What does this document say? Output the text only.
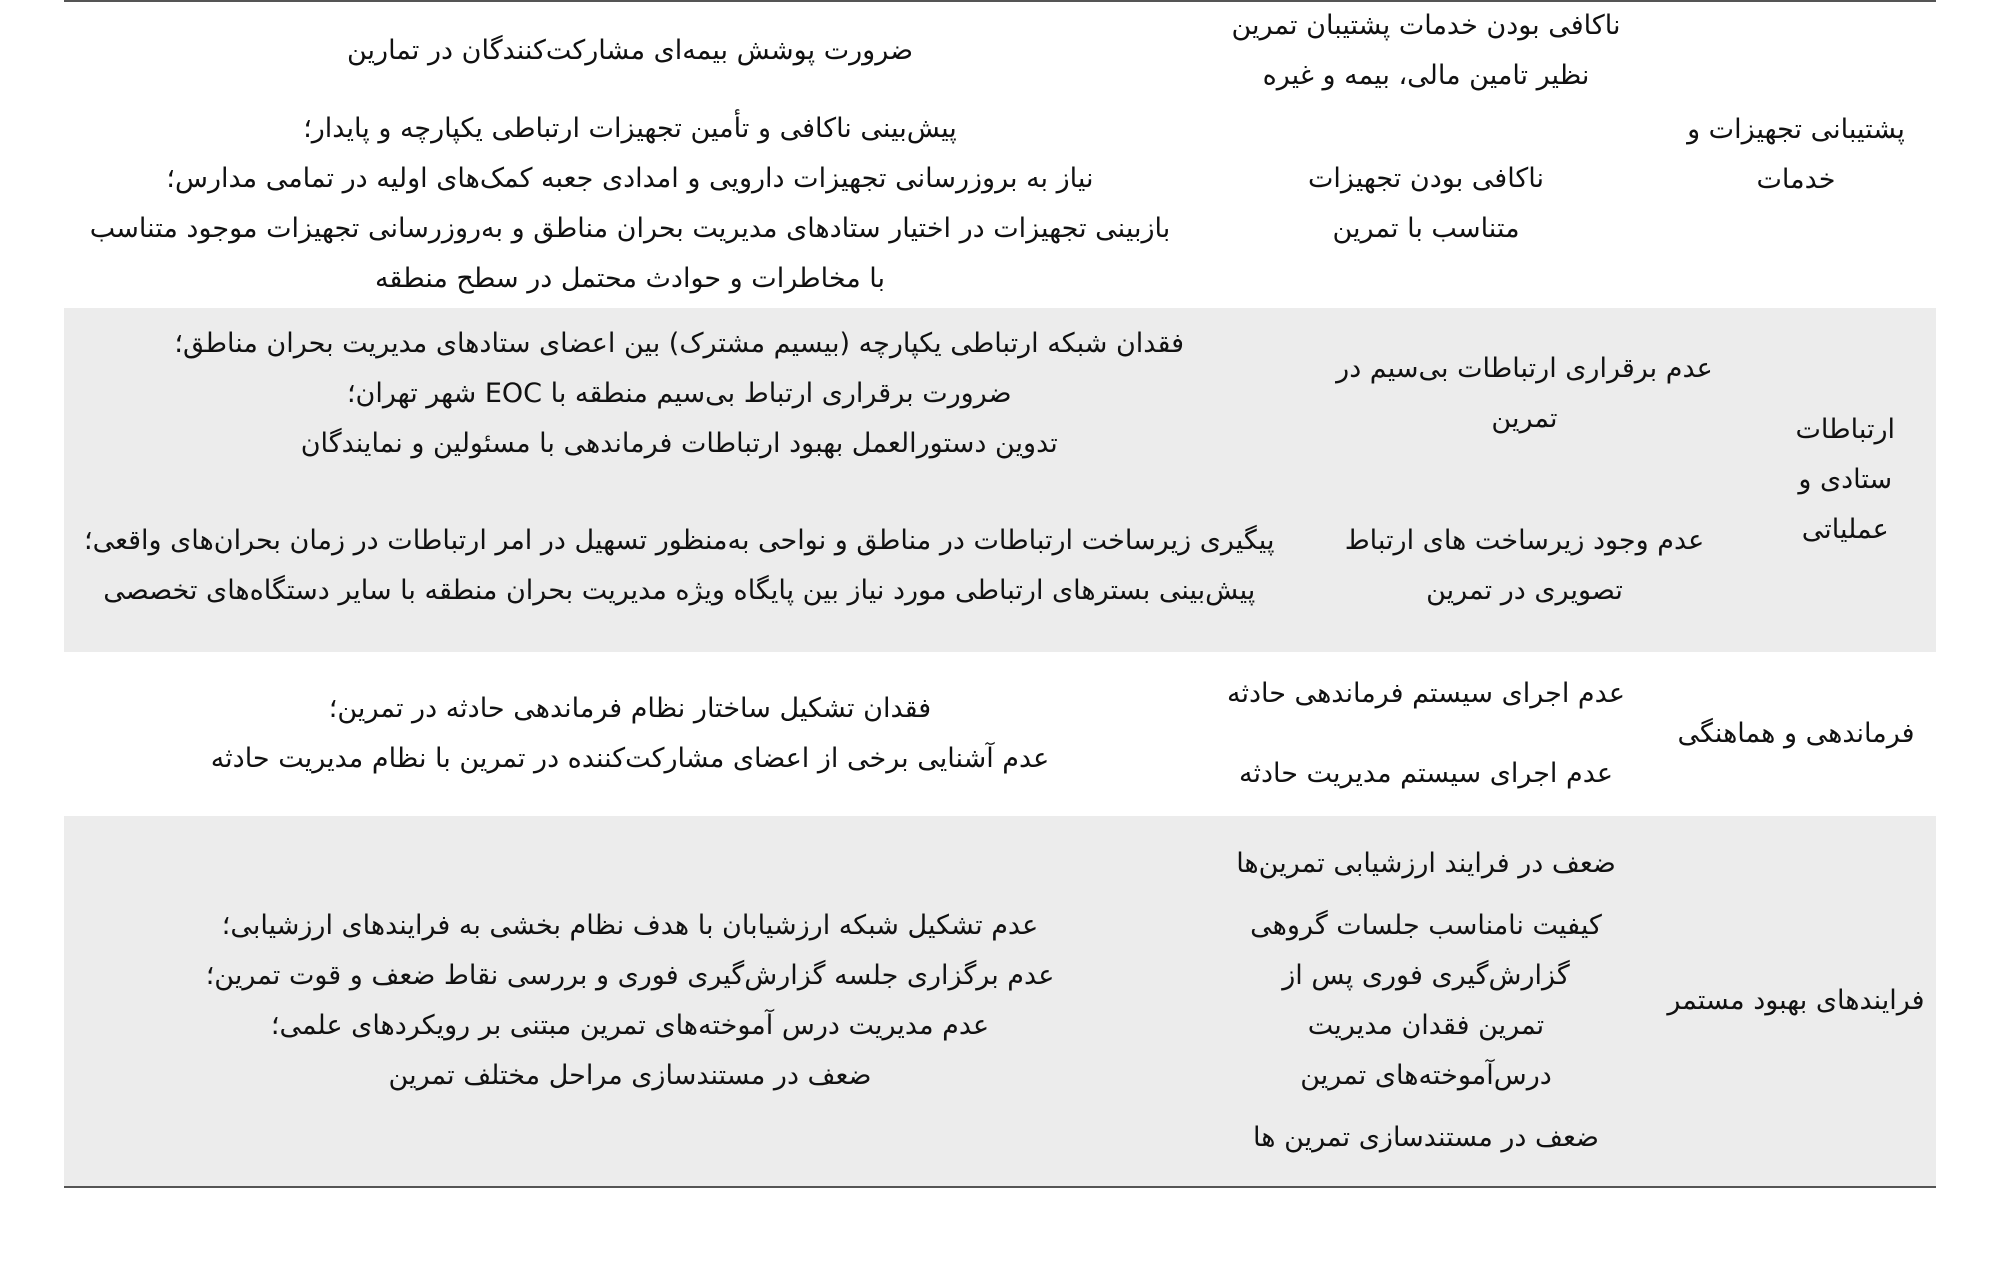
پشتیبانی تجهیزات و خدمات
ناکافی بودن خدمات پشتیبان تمرین نظیر تامین مالی، بیمه و غیره
ضرورت پوشش بیمه‌ای مشارکت‌کنندگان در تمارین
ناکافی بودن تجهیزات متناسب با تمرین
پیش‌بینی ناکافی و تأمین تجهیزات ارتباطی یکپارچه و پایدار؛
نیاز به بروزرسانی تجهیزات دارویی و امدادی جعبه کمک‌های اولیه در تمامی مدارس؛
بازبینی تجهیزات در اختیار ستادهای مدیریت بحران مناطق و به‌روزرسانی تجهیزات موجود متناسب با مخاطرات و حوادث محتمل در سطح منطقه
ارتباطات ستادی و عملیاتی
عدم برقراری ارتباطات بی‌سیم در تمرین
فقدان شبکه ارتباطی یکپارچه (بیسیم مشترک) بین اعضای ستادهای مدیریت بحران مناطق؛
ضرورت برقراری ارتباط بی‌سیم منطقه با EOC شهر تهران؛
تدوین دستورالعمل بهبود ارتباطات فرماندهی با مسئولین و نمایندگان
عدم وجود زیرساخت های ارتباط تصویری در تمرین
پیگیری زیرساخت ارتباطات در مناطق و نواحی به‌منظور تسهیل در امر ارتباطات در زمان بحران‌های واقعی؛
پیش‌بینی بسترهای ارتباطی مورد نیاز بین پایگاه ویژه مدیریت بحران منطقه با سایر دستگاه‌های تخصصی
فرماندهی و هماهنگی
عدم اجرای سیستم فرماندهی حادثه
عدم اجرای سیستم مدیریت حادثه
فقدان تشکیل ساختار نظام فرماندهی حادثه در تمرین؛
عدم آشنایی برخی از اعضای مشارکت‌کننده در تمرین با نظام مدیریت حادثه
فرایندهای بهبود مستمر
ضعف در فرایند ارزشیابی تمرین‌ها
کیفیت نامناسب جلسات گروهی گزارش‌گیری فوری پس از تمرین فقدان مدیریت درس‌آموخته‌های تمرین
ضعف در مستندسازی تمرین ها
عدم تشکیل شبکه ارزشیابان با هدف نظام بخشی به فرایندهای ارزشیابی؛
عدم برگزاری جلسه گزارش‌گیری فوری و بررسی نقاط ضعف و قوت تمرین؛
عدم مدیریت درس آموخته‌های تمرین مبتنی بر رویکردهای علمی؛
ضعف در مستندسازی مراحل مختلف تمرین
